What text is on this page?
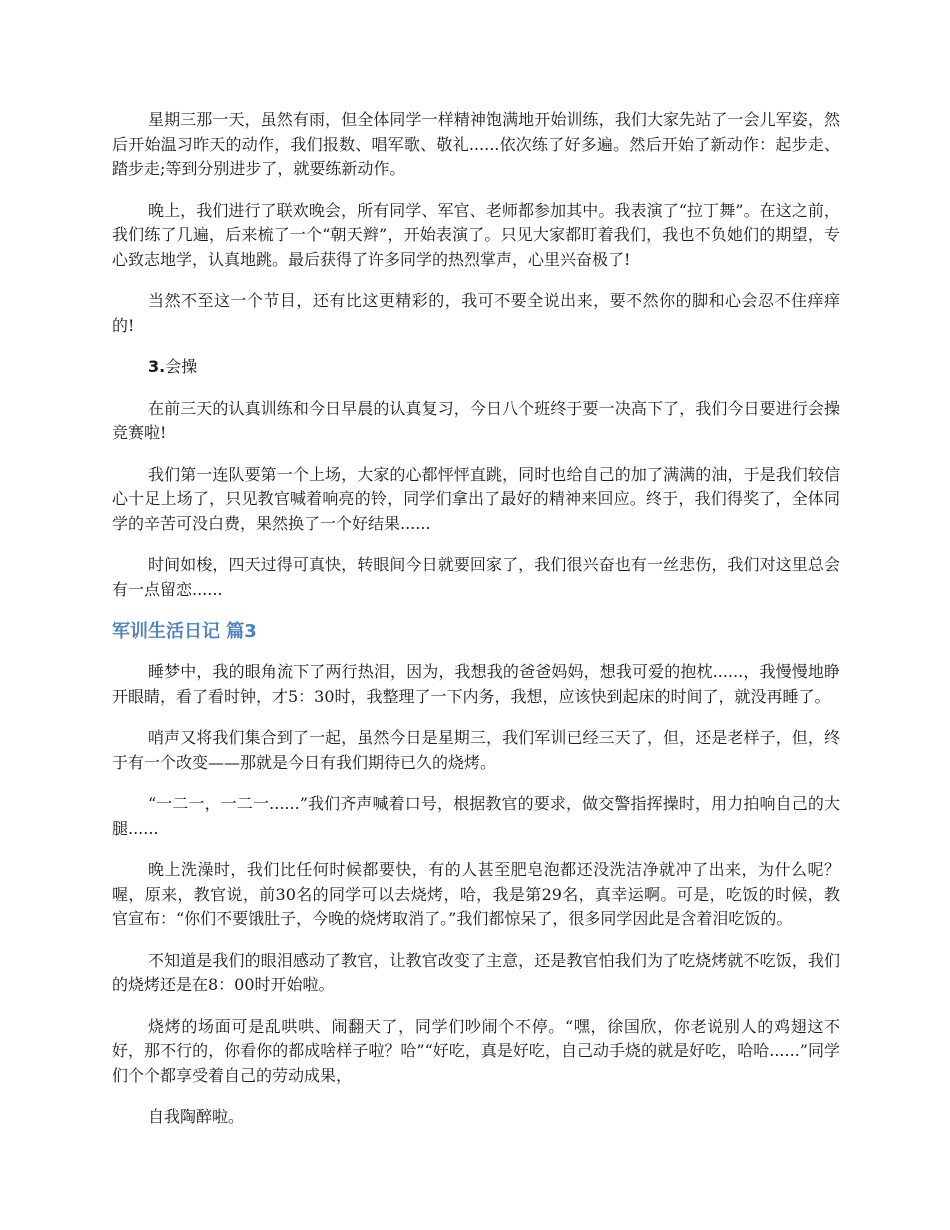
星期三那一天，虽然有雨，但全体同学一样精神饱满地开始训练，我们大家先站了一会儿军姿，然后开始温习昨天的动作，我们报数、唱军歌、敬礼......依次练了好多遍。然后开始了新动作：起步走、踏步走;等到分别进步了，就要练新动作。

晚上，我们进行了联欢晚会，所有同学、军官、老师都参加其中。我表演了“拉丁舞”。在这之前，我们练了几遍，后来梳了一个“朝天辫”，开始表演了。只见大家都盯着我们，我也不负她们的期望，专心致志地学，认真地跳。最后获得了许多同学的热烈掌声，心里兴奋极了!

当然不至这一个节目，还有比这更精彩的，我可不要全说出来，要不然你的脚和心会忍不住痒痒的!

3.会操

在前三天的认真训练和今日早晨的认真复习，今日八个班终于要一决高下了，我们今日要进行会操竞赛啦!

我们第一连队要第一个上场，大家的心都怦怦直跳，同时也给自己的加了满满的油，于是我们较信心十足上场了，只见教官喊着响亮的铃，同学们拿出了最好的精神来回应。终于，我们得奖了，全体同学的辛苦可没白费，果然换了一个好结果......

时间如梭，四天过得可真快，转眼间今日就要回家了，我们很兴奋也有一丝悲伤，我们对这里总会有一点留恋......

军训生活日记 篇3

睡梦中，我的眼角流下了两行热泪，因为，我想我的爸爸妈妈，想我可爱的抱枕......，我慢慢地睁开眼睛，看了看时钟，才5：30时，我整理了一下内务，我想，应该快到起床的时间了，就没再睡了。

哨声又将我们集合到了一起，虽然今日是星期三，我们军训已经三天了，但，还是老样子，但，终于有一个改变——那就是今日有我们期待已久的烧烤。

“一二一，一二一......”我们齐声喊着口号，根据教官的要求，做交警指挥操时，用力拍响自己的大腿......

晚上洗澡时，我们比任何时候都要快，有的人甚至肥皂泡都还没洗洁净就冲了出来，为什么呢？喔，原来，教官说，前30名的同学可以去烧烤，哈，我是第29名，真幸运啊。可是，吃饭的时候，教官宣布：“你们不要饿肚子，今晚的烧烤取消了。”我们都惊呆了，很多同学因此是含着泪吃饭的。

不知道是我们的眼泪感动了教官，让教官改变了主意，还是教官怕我们为了吃烧烤就不吃饭，我们的烧烤还是在8：00时开始啦。

烧烤的场面可是乱哄哄、闹翻天了，同学们吵闹个不停。“嘿，徐国欣，你老说别人的鸡翅这不好，那不行的，你看你的都成啥样子啦？哈”“好吃，真是好吃，自己动手烧的就是好吃，哈哈......”同学们个个都享受着自己的劳动成果，

自我陶醉啦。
